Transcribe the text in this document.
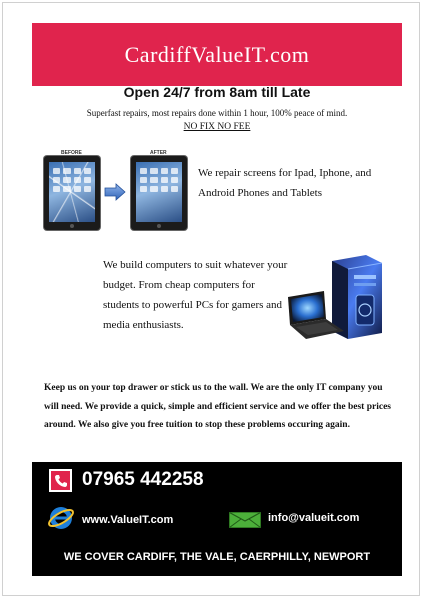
CardiffValueIT.com
Open 24/7 from 8am till Late
Superfast repairs, most repairs done within 1 hour, 100% peace of mind.
NO FIX NO FEE
BEFORE	AFTER
We repair screens for Ipad, Iphone, and Android Phones and Tablets
We build computers to suit whatever your budget. From cheap computers for students to powerful PCs for gamers and media enthusiasts.
Keep us on your top drawer or stick us to the wall. We are the only IT company you will need. We provide a quick, simple and efficient service and we offer the best prices around. We also give you free tuition to stop these problems occuring again.
07965 442258
www.ValueIT.com	info@valueit.com
WE COVER CARDIFF, THE VALE, CAERPHILLY, NEWPORT
